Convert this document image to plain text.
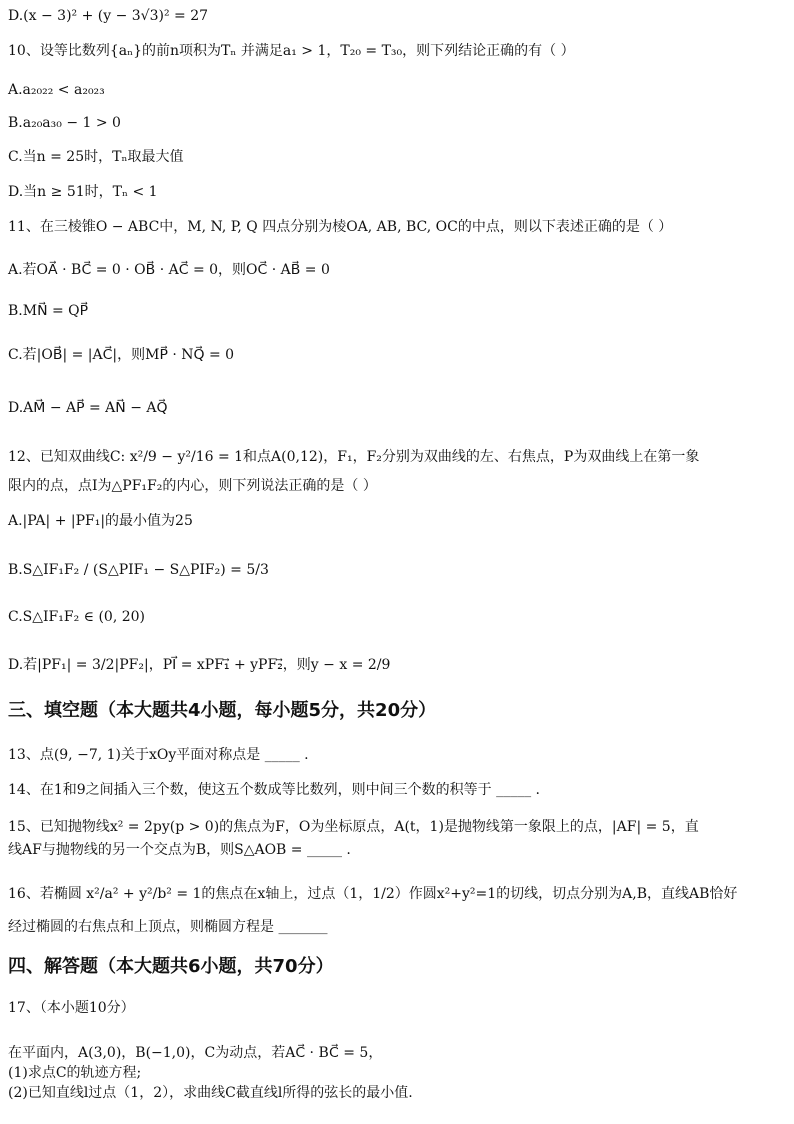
D.(x − 3)² + (y − 3√3)² = 27
10、设等比数列{aₙ}的前n项积为Tₙ 并满足a₁ > 1，T₂₀ = T₃₀，则下列结论正确的有（ ）
A.a₂₀₂₂ < a₂₀₂₃
B.a₂₀a₃₀ − 1 > 0
C.当n = 25时，Tₙ取最大值
D.当n ≥ 51时，Tₙ < 1
11、在三棱锥O − ABC中，M, N, P, Q 四点分别为棱OA, AB, BC, OC的中点，则以下表述正确的是（ ）
A.若OA⃗ · BC⃗ = 0 · OB⃗ · AC⃗ = 0，则OC⃗ · AB⃗ = 0
B.MN⃗ = QP⃗
C.若|OB⃗| = |AC⃗|，则MP⃗ · NQ⃗ = 0
D.AM⃗ − AP⃗ = AN⃗ − AQ⃗
12、已知双曲线C: x²/9 − y²/16 = 1和点A(0,12)，F₁，F₂分别为双曲线的左、右焦点，P为双曲线上在第一象
限内的点，点I为△PF₁F₂的内心，则下列说法正确的是（ ）
A.|PA| + |PF₁|的最小值为25
B.S△IF₁F₂ / (S△PIF₁ − S△PIF₂) = 5/3
C.S△IF₁F₂ ∈ (0, 20)
D.若|PF₁| = 3/2|PF₂|，PI⃗ = xPF₁⃗ + yPF₂⃗，则y − x = 2/9
三、填空题（本大题共4小题，每小题5分，共20分）
13、点(9, −7, 1)关于xOy平面对称点是 _____ .
14、在1和9之间插入三个数，使这五个数成等比数列，则中间三个数的积等于 _____ .
15、已知抛物线x² = 2py(p > 0)的焦点为F，O为坐标原点，A(t，1)是抛物线第一象限上的点，|AF| = 5，直
线AF与抛物线的另一个交点为B，则S△AOB = _____ .
16、若椭圆 x²/a² + y²/b² = 1的焦点在x轴上，过点（1，1/2）作圆x²+y²=1的切线，切点分别为A,B，直线AB恰好
经过椭圆的右焦点和上顶点，则椭圆方程是 _______
四、解答题（本大题共6小题，共70分）
17、（本小题10分）
在平面内，A(3,0)，B(−1,0)，C为动点，若AC⃗ · BC⃗ = 5，
(1)求点C的轨迹方程;
(2)已知直线l过点（1，2），求曲线C截直线l所得的弦长的最小值.
